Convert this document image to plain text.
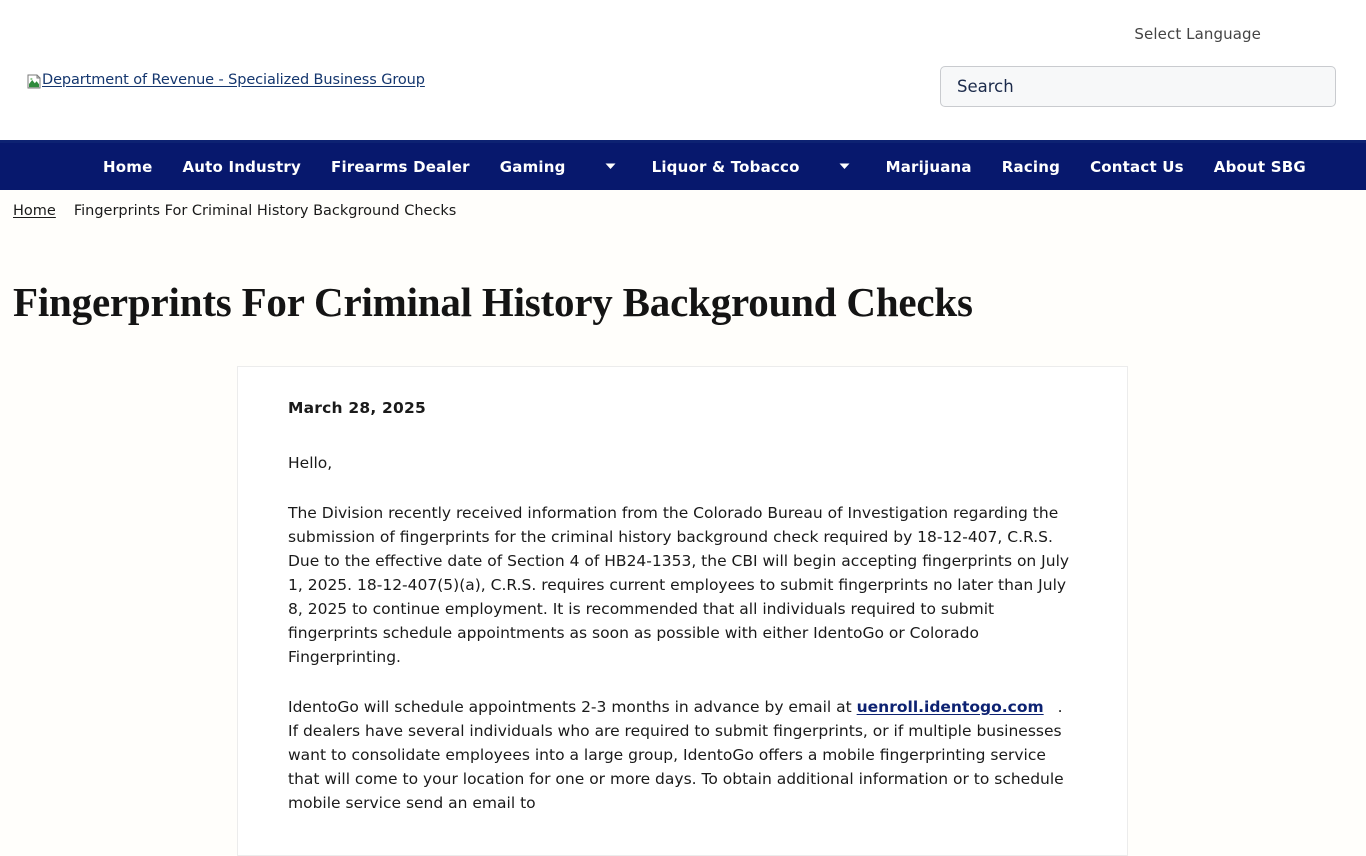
Select Language
Department of Revenue - Specialized Business Group
Search
Home Auto Industry Firearms Dealer Gaming	Liquor & Tobacco	Marijuana Racing Contact Us About SBG
Home Fingerprints For Criminal History Background Checks
Fingerprints For Criminal History Background Checks

March 28, 2025

Hello,

The Division recently received information from the Colorado Bureau of Investigation regarding the submission of fingerprints for the criminal history background check required by 18-12-407, C.R.S. Due to the effective date of Section 4 of HB24-1353, the CBI will begin accepting fingerprints on July 1, 2025. 18-12-407(5)(a), C.R.S. requires current employees to submit fingerprints no later than July 8, 2025 to continue employment. It is recommended that all individuals required to submit fingerprints schedule appointments as soon as possible with either IdentoGo or Colorado Fingerprinting.

IdentoGo will schedule appointments 2-3 months in advance by email at uenroll.identogo.com . If dealers have several individuals who are required to submit fingerprints, or if multiple businesses want to consolidate employees into a large group, IdentoGo offers a mobile fingerprinting service that will come to your location for one or more days. To obtain additional information or to schedule mobile service send an email to
